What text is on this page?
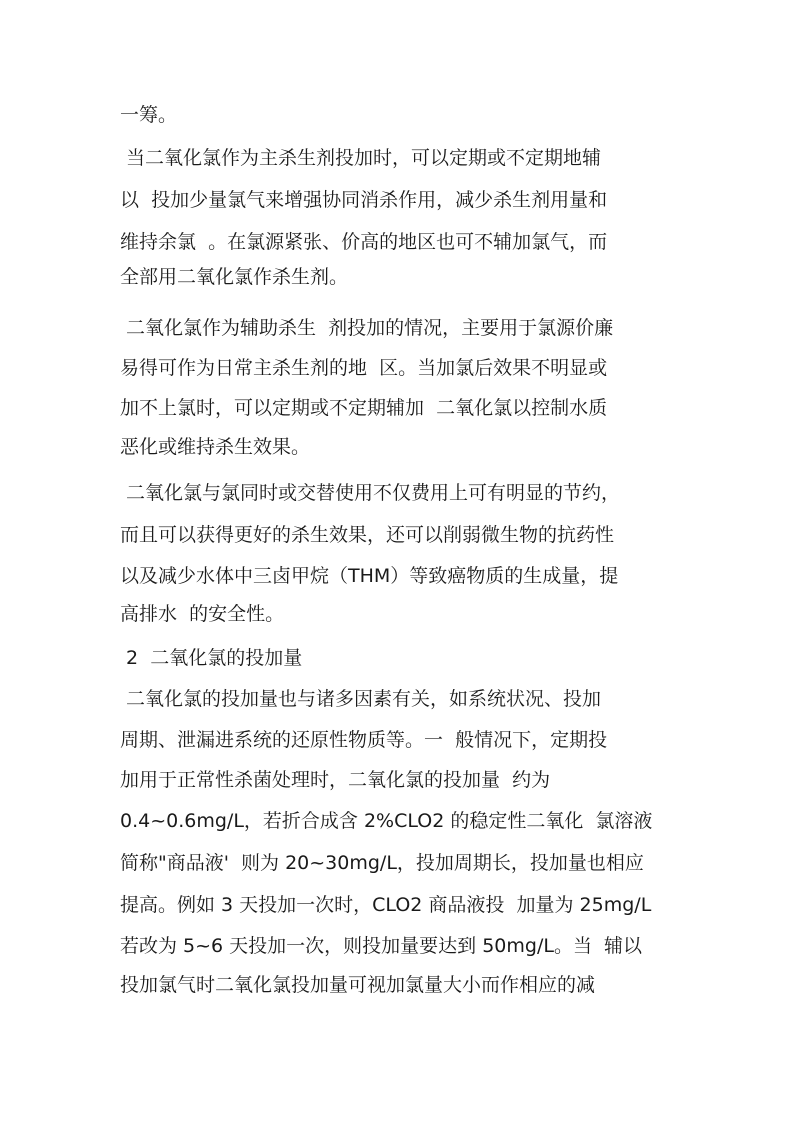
一筹。
当二氧化氯作为主杀生剂投加时，可以定期或不定期地辅
以  投加少量氯气来增强协同消杀作用，减少杀生剂用量和
维持余氯  。在氯源紧张、价高的地区也可不辅加氯气，而
全部用二氧化氯作杀生剂。
二氧化氯作为辅助杀生  剂投加的情况，主要用于氯源价廉
易得可作为日常主杀生剂的地  区。当加氯后效果不明显或
加不上氯时，可以定期或不定期辅加  二氧化氯以控制水质
恶化或维持杀生效果。
二氧化氯与氯同时或交替使用不仅费用上可有明显的节约，
而且可以获得更好的杀生效果，还可以削弱微生物的抗药性
以及减少水体中三卤甲烷（THM）等致癌物质的生成量，提
高排水  的安全性。
2  二氧化氯的投加量
二氧化氯的投加量也与诸多因素有关，如系统状况、投加
周期、泄漏进系统的还原性物质等。一  般情况下，定期投
加用于正常性杀菌处理时，二氧化氯的投加量  约为
0.4~0.6mg/L，若折合成含 2%CLO2 的稳定性二氧化  氯溶液
简称"商品液'  则为 20~30mg/L，投加周期长，投加量也相应
提高。例如 3 天投加一次时，CLO2 商品液投  加量为 25mg/L
若改为 5~6 天投加一次，则投加量要达到 50mg/L。当  辅以
投加氯气时二氧化氯投加量可视加氯量大小而作相应的减
